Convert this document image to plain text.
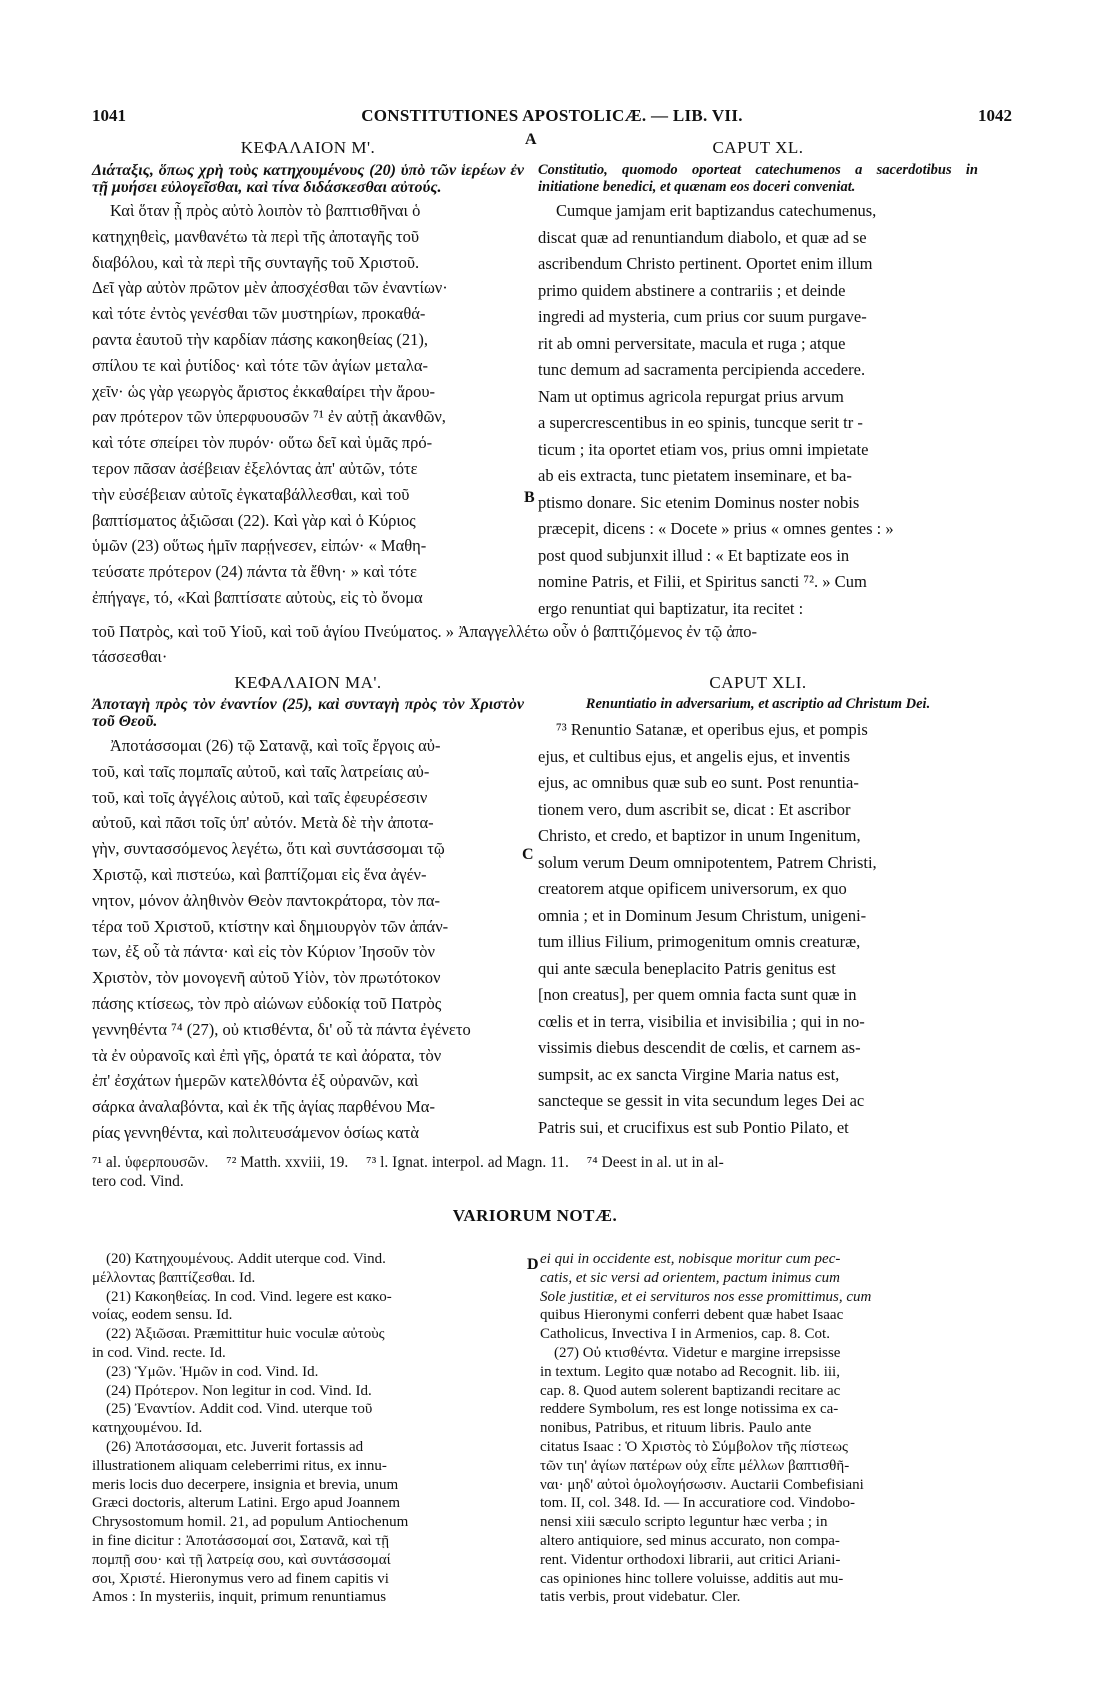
1041	CONSTITUTIONES APOSTOLICÆ. — LIB. VII.	1042
ΚΕΦΑΛΑΙΟΝ Μ'.
Διάταξις, ὅπως χρὴ τοὺς κατηχουμένους (20) ὑπὸ τῶν ἱερέων ἐν τῇ μυήσει εὐλογεῖσθαι, καὶ τίνα διδάσκεσθαι αὐτούς.
Καὶ ὅταν ᾖ πρὸς αὐτὸ λοιπὸν τὸ βαπτισθῆναι ὁ
κατηχηθεὶς, μανθανέτω τὰ περὶ τῆς ἀποταγῆς τοῦ
διαβόλου, καὶ τὰ περὶ τῆς συνταγῆς τοῦ Χριστοῦ.
Δεῖ γὰρ αὐτὸν πρῶτον μὲν ἀποσχέσθαι τῶν ἐναντίων·
καὶ τότε ἐντὸς γενέσθαι τῶν μυστηρίων, προκαθά-
ραντα ἑαυτοῦ τὴν καρδίαν πάσης κακοηθείας (21),
σπίλου τε καὶ ῥυτίδος· καὶ τότε τῶν ἁγίων μεταλα-
χεῖν· ὡς γὰρ γεωργὸς ἄριστος ἐκκαθαίρει τὴν ἄρου-
ραν πρότερον τῶν ὑπερφυουσῶν ⁷¹ ἐν αὐτῇ ἀκανθῶν,
καὶ τότε σπείρει τὸν πυρόν· οὕτω δεῖ καὶ ὑμᾶς πρό-
τερον πᾶσαν ἀσέβειαν ἐξελόντας ἀπ' αὐτῶν, τότε
τὴν εὐσέβειαν αὐτοῖς ἐγκαταβάλλεσθαι, καὶ τοῦ
βαπτίσματος ἀξιῶσαι (22). Καὶ γὰρ καὶ ὁ Κύριος
ὑμῶν (23) οὕτως ἡμῖν παρῄνεσεν, εἰπών· « Μαθη-
τεύσατε πρότερον (24) πάντα τὰ ἔθνη· » καὶ τότε
ἐπήγαγε, τό, «Καὶ βαπτίσατε αὐτοὺς, εἰς τὸ ὄνομα
CAPUT XL.
Constitutio, quomodo oporteat catechumenos a sacerdotibus in initiatione benedici, et quænam eos doceri conveniat.
Cumque jamjam erit baptizandus catechumenus,
discat quæ ad renuntiandum diabolo, et quæ ad se
ascribendum Christo pertinent. Oportet enim illum
primo quidem abstinere a contrariis ; et deinde
ingredi ad mysteria, cum prius cor suum purgave-
rit ab omni perversitate, macula et ruga ; atque
tunc demum ad sacramenta percipienda accedere.
Nam ut optimus agricola repurgat prius arvum
a supercrescentibus in eo spinis, tuncque serit tr -
ticum ; ita oportet etiam vos, prius omni impietate
ab eis extracta, tunc pietatem inseminare, et ba-
ptismo donare. Sic etenim Dominus noster nobis
præcepit, dicens : « Docete » prius « omnes gentes : »
post quod subjunxit illud : « Et baptizate eos in
nomine Patris, et Filii, et Spiritus sancti ⁷². » Cum
ergo renuntiat qui baptizatur, ita recitet :
A
B
C
D
τοῦ Πατρὸς, καὶ τοῦ Υἱοῦ, καὶ τοῦ ἁγίου Πνεύματος. » Ἀπαγγελλέτω οὖν ὁ βαπτιζόμενος ἐν τῷ ἀπο-
τάσσεσθαι·
ΚΕΦΑΛΑΙΟΝ ΜΑ'.
Ἀποταγὴ πρὸς τὸν ἐναντίον (25), καὶ συνταγὴ πρὸς τὸν Χριστὸν τοῦ Θεοῦ.
Ἀποτάσσομαι (26) τῷ Σατανᾷ, καὶ τοῖς ἔργοις αὐ-
τοῦ, καὶ ταῖς πομπαῖς αὐτοῦ, καὶ ταῖς λατρείαις αὐ-
τοῦ, καὶ τοῖς ἀγγέλοις αὐτοῦ, καὶ ταῖς ἐφευρέσεσιν
αὐτοῦ, καὶ πᾶσι τοῖς ὑπ' αὐτόν. Μετὰ δὲ τὴν ἀποτα-
γὴν, συντασσόμενος λεγέτω, ὅτι καὶ συντάσσομαι τῷ
Χριστῷ, καὶ πιστεύω, καὶ βαπτίζομαι εἰς ἕνα ἀγέν-
νητον, μόνον ἀληθινὸν Θεὸν παντοκράτορα, τὸν πα-
τέρα τοῦ Χριστοῦ, κτίστην καὶ δημιουργὸν τῶν ἁπάν-
των, ἐξ οὗ τὰ πάντα· καὶ εἰς τὸν Κύριον Ἰησοῦν τὸν
Χριστὸν, τὸν μονογενῆ αὐτοῦ Υἱὸν, τὸν πρωτότοκον
πάσης κτίσεως, τὸν πρὸ αἰώνων εὐδοκίᾳ τοῦ Πατρὸς
γεννηθέντα ⁷⁴ (27), οὐ κτισθέντα, δι' οὗ τὰ πάντα ἐγένετο
τὰ ἐν οὐρανοῖς καὶ ἐπὶ γῆς, ὁρατά τε καὶ ἀόρατα, τὸν
ἐπ' ἐσχάτων ἡμερῶν κατελθόντα ἐξ οὐρανῶν, καὶ
σάρκα ἀναλαβόντα, καὶ ἐκ τῆς ἁγίας παρθένου Μα-
ρίας γεννηθέντα, καὶ πολιτευσάμενον ὁσίως κατὰ
CAPUT XLI.
Renuntiatio in adversarium, et ascriptio ad Christum Dei.
⁷³ Renuntio Satanæ, et operibus ejus, et pompis
ejus, et cultibus ejus, et angelis ejus, et inventis
ejus, ac omnibus quæ sub eo sunt. Post renuntia-
tionem vero, dum ascribit se, dicat : Et ascribor
Christo, et credo, et baptizor in unum Ingenitum,
solum verum Deum omnipotentem, Patrem Christi,
creatorem atque opificem universorum, ex quo
omnia ; et in Dominum Jesum Christum, unigeni-
tum illius Filium, primogenitum omnis creaturæ,
qui ante sæcula beneplacito Patris genitus est
[non creatus], per quem omnia facta sunt quæ in
cœlis et in terra, visibilia et invisibilia ; qui in no-
vissimis diebus descendit de cœlis, et carnem as-
sumpsit, ac ex sancta Virgine Maria natus est,
sancteque se gessit in vita secundum leges Dei ac
Patris sui, et crucifixus est sub Pontio Pilato, et
⁷¹ al. ὑφερπουσῶν. ⁷² Matth. xxviii, 19. ⁷³ l. Ignat. interpol. ad Magn. 11. ⁷⁴ Deest in al. ut in al-
tero cod. Vind.
VARIORUM NOTÆ.
(20) Κατηχουμένους. Addit uterque cod. Vind.
μέλλοντας βαπτίζεσθαι. Id.
(21) Κακοηθείας. In cod. Vind. legere est κακο-
νοίας, eodem sensu. Id.
(22) Ἀξιῶσαι. Præmittitur huic voculæ αὐτοὺς
in cod. Vind. recte. Id.
(23) Ὑμῶν. Ἡμῶν in cod. Vind. Id.
(24) Πρότερον. Non legitur in cod. Vind. Id.
(25) Ἐναντίον. Addit cod. Vind. uterque τοῦ
κατηχουμένου. Id.
(26) Ἀποτάσσομαι, etc. Juverit fortassis ad
illustrationem aliquam celeberrimi ritus, ex innu-
meris locis duo decerpere, insignia et brevia, unum
Græci doctoris, alterum Latini. Ergo apud Joannem
Chrysostomum homil. 21, ad populum Antiochenum
in fine dicitur : Ἀποτάσσομαί σοι, Σατανᾶ, καὶ τῇ
πομπῇ σου· καὶ τῇ λατρείᾳ σου, καὶ συντάσσομαί
σοι, Χριστέ. Hieronymus vero ad finem capitis vi
Amos : In mysteriis, inquit, primum renuntiamus
ei qui in occidente est, nobisque moritur cum pec-
catis, et sic versi ad orientem, pactum inimus cum
Sole justitiæ, et ei servituros nos esse promittimus, cum
quibus Hieronymi conferri debent quæ habet Isaac
Catholicus, Invectiva I in Armenios, cap. 8. Cot.
(27) Οὐ κτισθέντα. Videtur e margine irrepsisse
in textum. Legito quæ notabo ad Recognit. lib. iii,
cap. 8. Quod autem solerent baptizandi recitare ac
reddere Symbolum, res est longe notissima ex ca-
nonibus, Patribus, et rituum libris. Paulo ante
citatus Isaac : Ὁ Χριστὸς τὸ Σύμβολον τῆς πίστεως
τῶν τιη' ἁγίων πατέρων οὐχ εἶπε μέλλων βαπτισθῆ-
ναι· μηδ' αὐτοὶ ὁμολογήσωσιν. Auctarii Combefisiani
tom. II, col. 348. Id. — In accuratiore cod. Vindobo-
nensi xiii sæculo scripto leguntur hæc verba ; in
altero antiquiore, sed minus accurato, non compa-
rent. Videntur orthodoxi librarii, aut critici Ariani-
cas opiniones hinc tollere voluisse, additis aut mu-
tatis verbis, prout videbatur. Cler.
